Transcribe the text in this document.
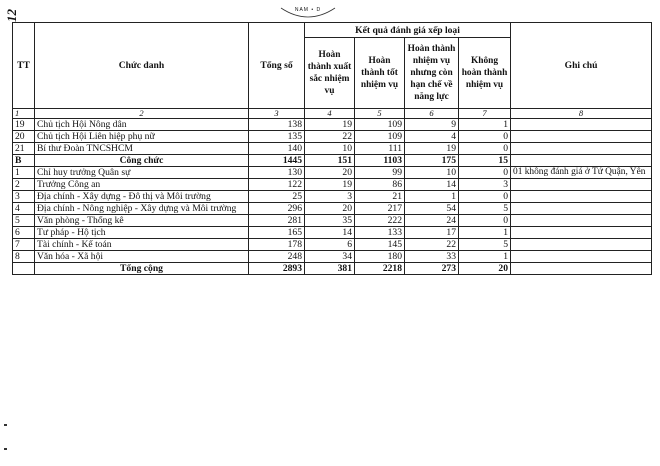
12	NAM • D
TT	Chức danh	Tổng số	Kết quả đánh giá xếp loại				Ghi chú
			Hoàn thành xuất sắc nhiệm vụ	Hoàn thành tốt nhiệm vụ	Hoàn thành nhiệm vụ nhưng còn hạn chế về năng lực	Không hoàn thành nhiệm vụ	
1	2	3	4	5	6	7	8
19	Chủ tịch Hội Nông dân	138	19	109	9	1	
20	Chủ tịch Hội Liên hiệp phụ nữ	135	22	109	4	0	
21	Bí thư Đoàn TNCSHCM	140	10	111	19	0	
B	Công chức	1445	151	1103	175	15	
1	Chỉ huy trưởng Quân sự	130	20	99	10	0	01 không đánh giá ở Tứ Quận, Yên
2	Trưởng Công an	122	19	86	14	3	
3	Địa chính - Xây dựng - Đô thị và Môi trường	25	3	21	1	0	
4	Địa chính - Nông nghiệp - Xây dựng và Môi trường	296	20	217	54	5	
5	Văn phòng - Thống kê	281	35	222	24	0	
6	Tư pháp - Hộ tịch	165	14	133	17	1	
7	Tài chính - Kế toán	178	6	145	22	5	
8	Văn hóa - Xã hội	248	34	180	33	1	
	Tổng cộng	2893	381	2218	273	20	
